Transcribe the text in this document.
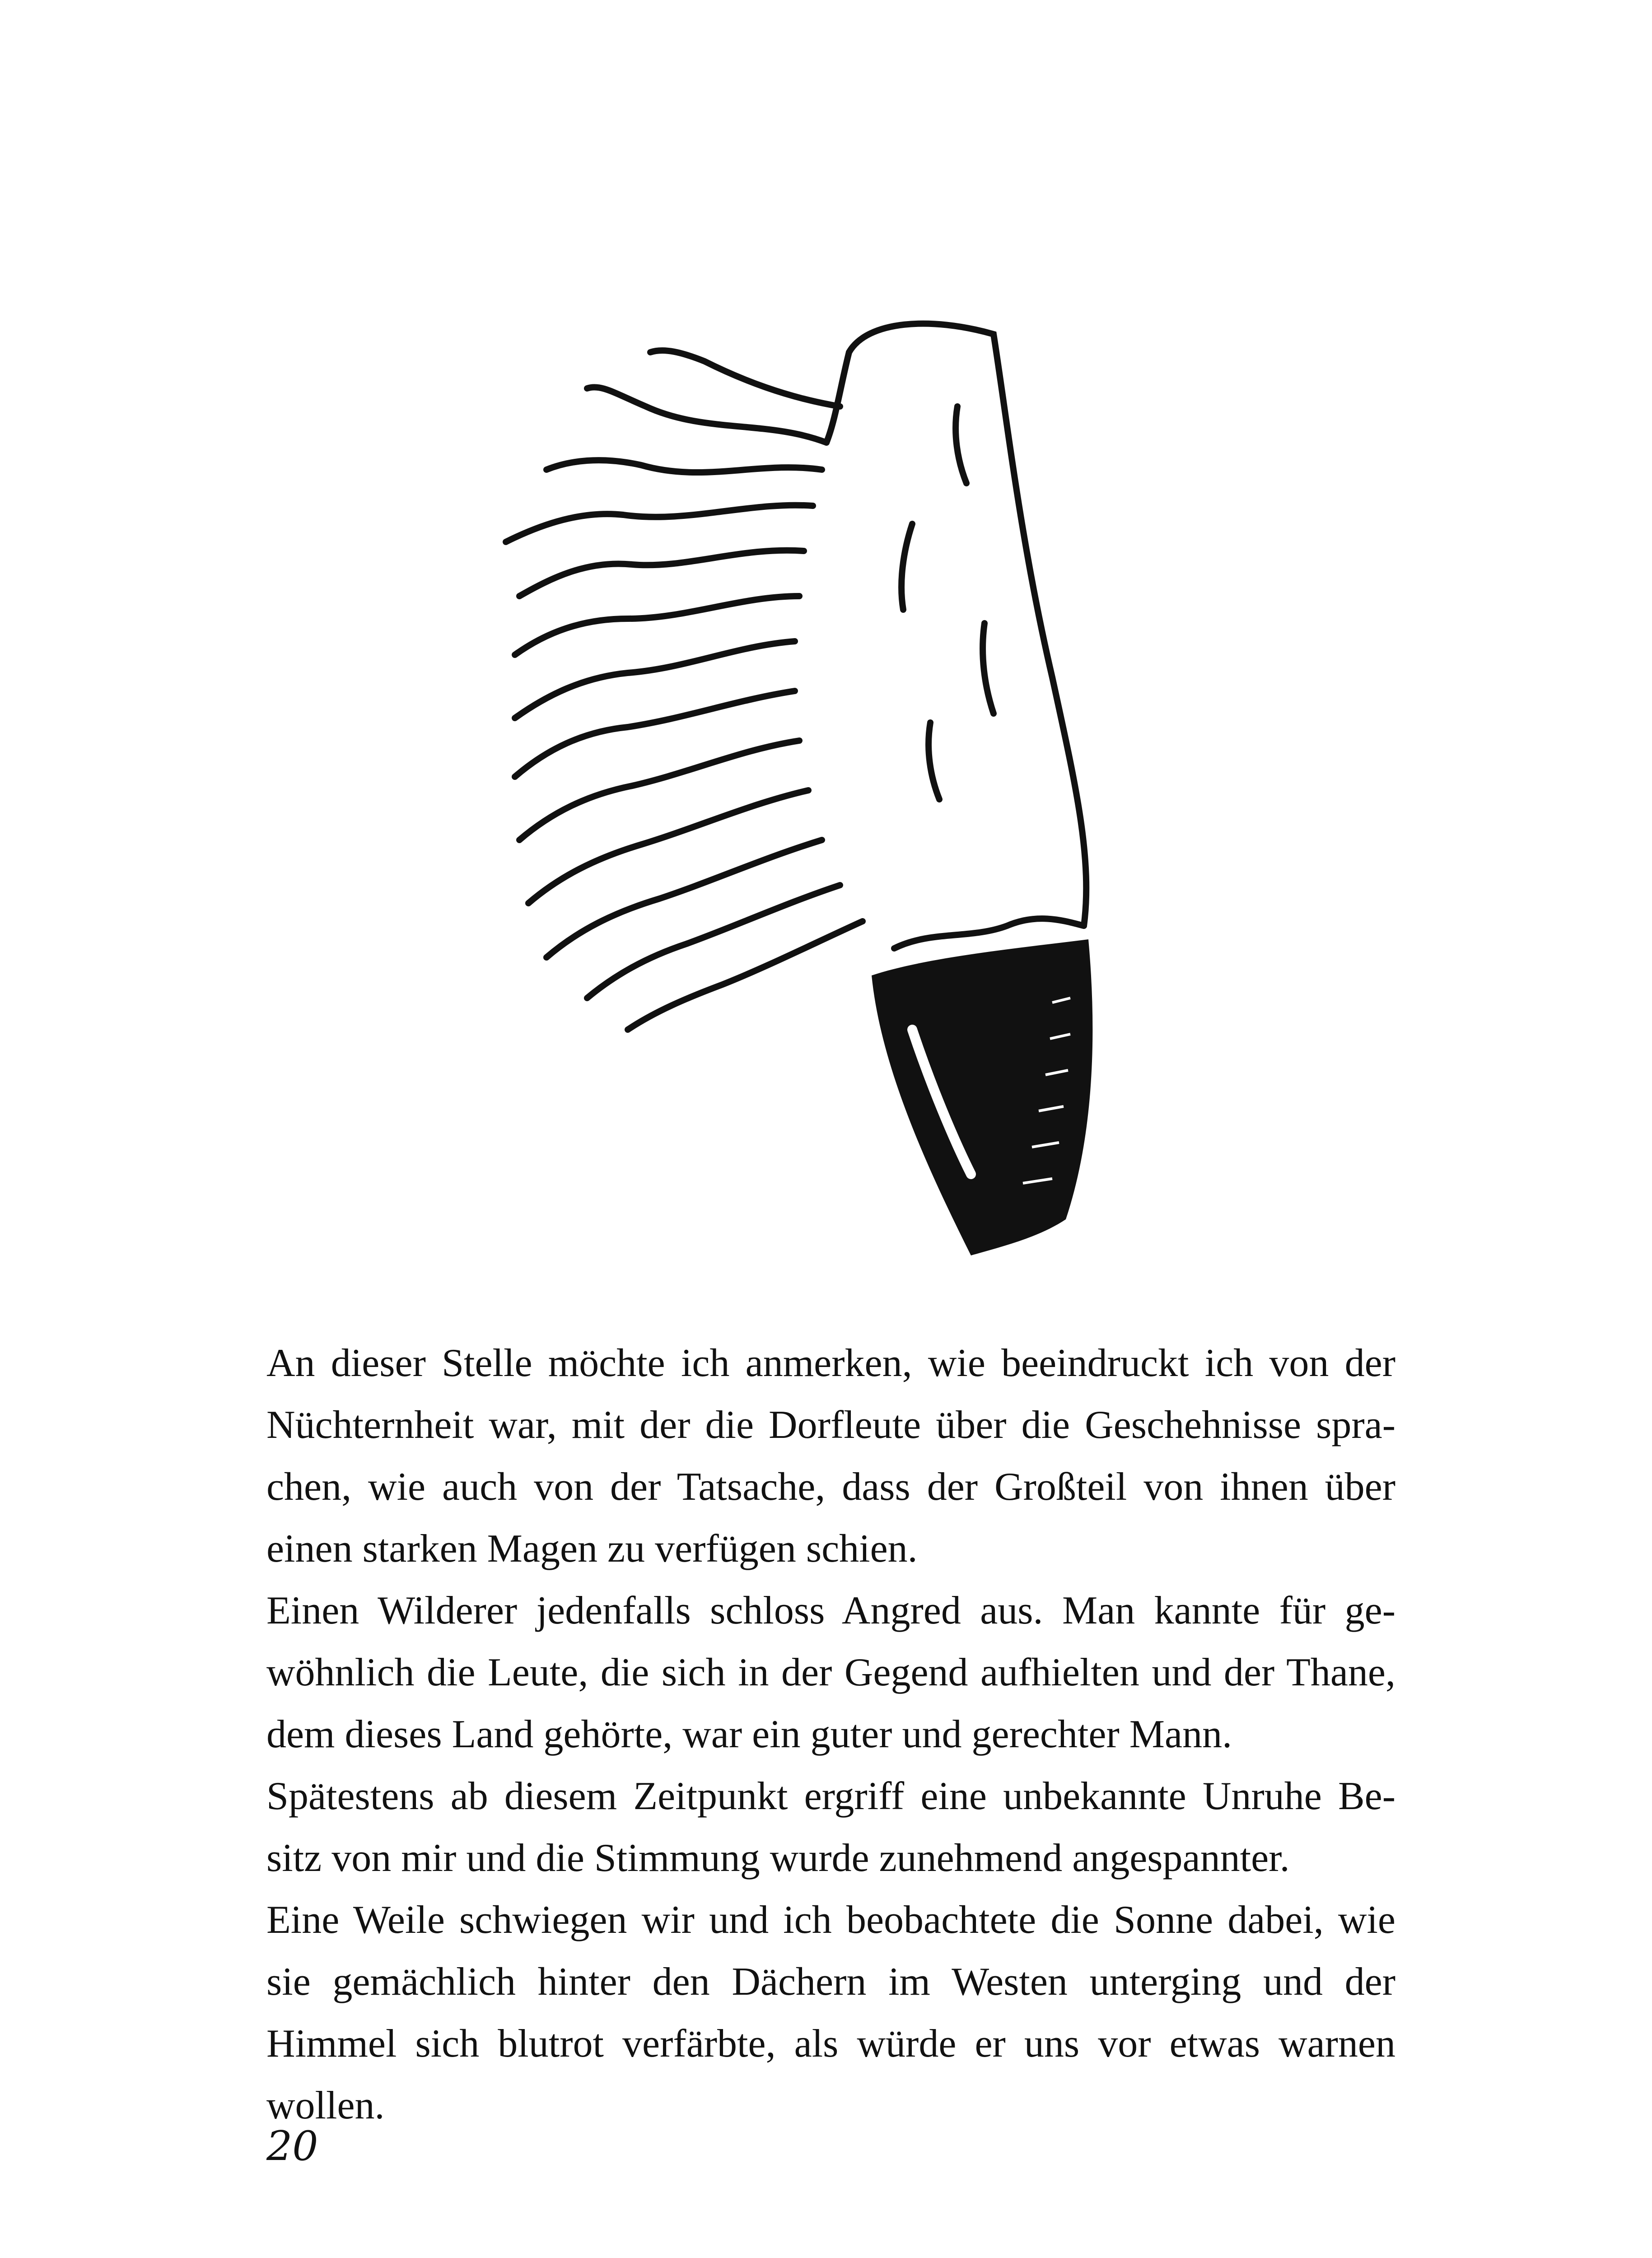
An dieser Stelle möchte ich anmerken, wie beeindruckt ich von der Nüchternheit war, mit der die Dorfleute über die Geschehnisse spra-chen, wie auch von der Tatsache, dass der Großteil von ihnen über einen starken Magen zu verfügen schien.

Einen Wilderer jedenfalls schloss Angred aus. Man kannte für ge-wöhnlich die Leute, die sich in der Gegend aufhielten und der Thane, dem dieses Land gehörte, war ein guter und gerechter Mann.

Spätestens ab diesem Zeitpunkt ergriff eine unbekannte Unruhe Be-sitz von mir und die Stimmung wurde zunehmend angespannter.

Eine Weile schwiegen wir und ich beobachtete die Sonne dabei, wie sie gemächlich hinter den Dächern im Westen unterging und der Himmel sich blutrot verfärbte, als würde er uns vor etwas warnen wollen.

20
